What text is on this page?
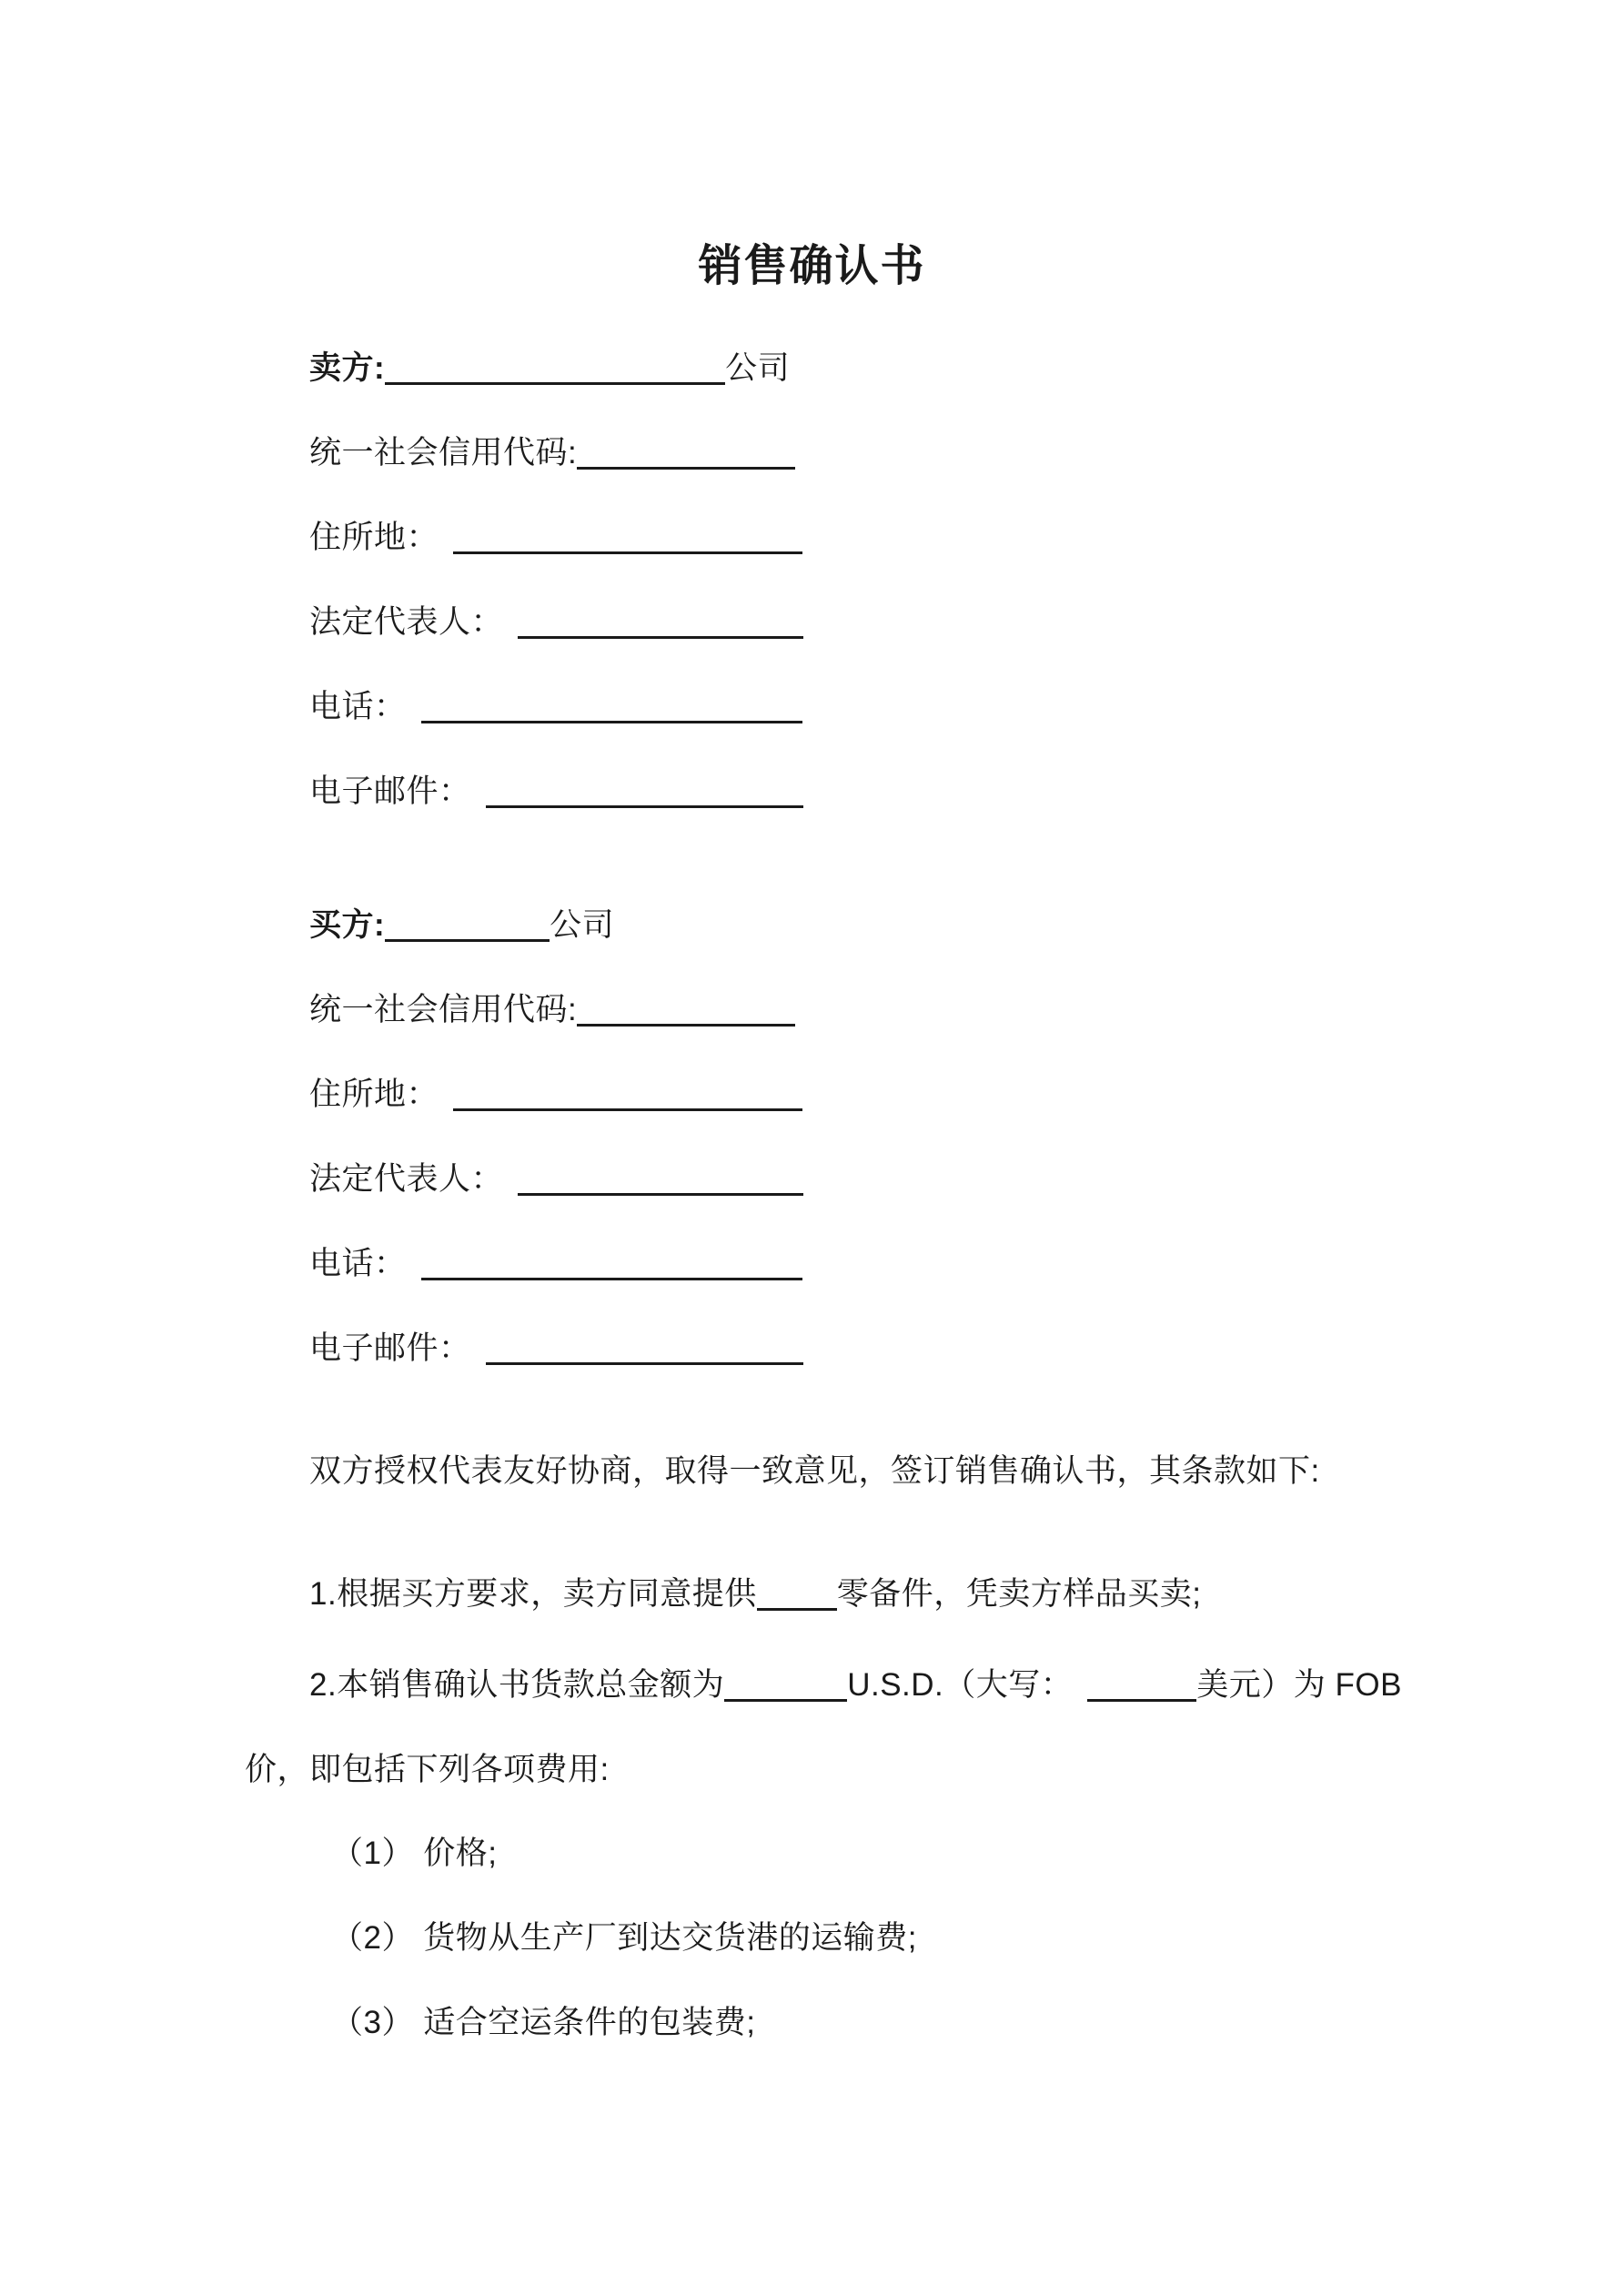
销售确认书
卖方:	公司
统一社会信用代码:
住所地：
法定代表人：
电话：
电子邮件：
买方:	公司
统一社会信用代码:
住所地：
法定代表人：
电话：
电子邮件：
双方授权代表友好协商，取得一致意见，签订销售确认书，其条款如下:
1.根据买方要求，卖方同意提供	零备件，凭卖方样品买卖;
2.本销售确认书货款总金额为	U.S.D.（大写：	美元）为 FOB
价，即包括下列各项费用:
（1） 价格;
（2） 货物从生产厂到达交货港的运输费;
（3） 适合空运条件的包装费;
